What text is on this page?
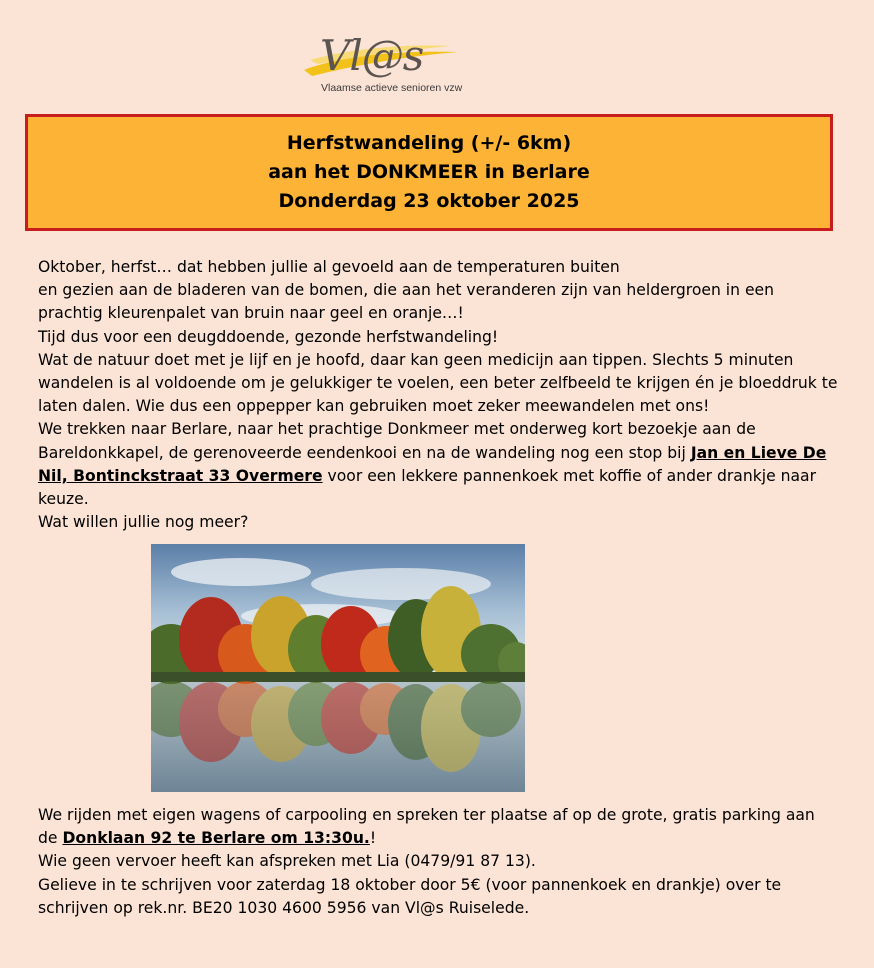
Vl@s
Vlaamse actieve senioren vzw
Herfstwandeling (+/- 6km)
aan het DONKMEER in Berlare
Donderdag 23 oktober 2025

Oktober, herfst… dat hebben jullie al gevoeld aan de temperaturen buiten

en gezien aan de bladeren van de bomen, die aan het veranderen zijn van heldergroen in een prachtig kleurenpalet van bruin naar geel en oranje…!

Tijd dus voor een deugddoende, gezonde herfstwandeling!

Wat de natuur doet met je lijf en je hoofd, daar kan geen medicijn aan tippen. Slechts 5 minuten wandelen is al voldoende om je gelukkiger te voelen, een beter zelfbeeld te krijgen én je bloeddruk te laten dalen. Wie dus een oppepper kan gebruiken moet zeker meewandelen met ons!

We trekken naar Berlare, naar het prachtige Donkmeer met onderweg kort bezoekje aan de Bareldonkkapel, de gerenoveerde eendenkooi en na de wandeling nog een stop bij Jan en Lieve De Nil, Bontinckstraat 33 Overmere voor een lekkere pannenkoek met koffie of ander drankje naar keuze.

Wat willen jullie nog meer?

We rijden met eigen wagens of carpooling en spreken ter plaatse af op de grote, gratis parking aan de Donklaan 92 te Berlare om 13:30u.!

Wie geen vervoer heeft kan afspreken met Lia (0479/91 87 13).

Gelieve in te schrijven voor zaterdag 18 oktober door 5€ (voor pannenkoek en drankje) over te schrijven op rek.nr. BE20 1030 4600 5956 van Vl@s Ruiselede.
